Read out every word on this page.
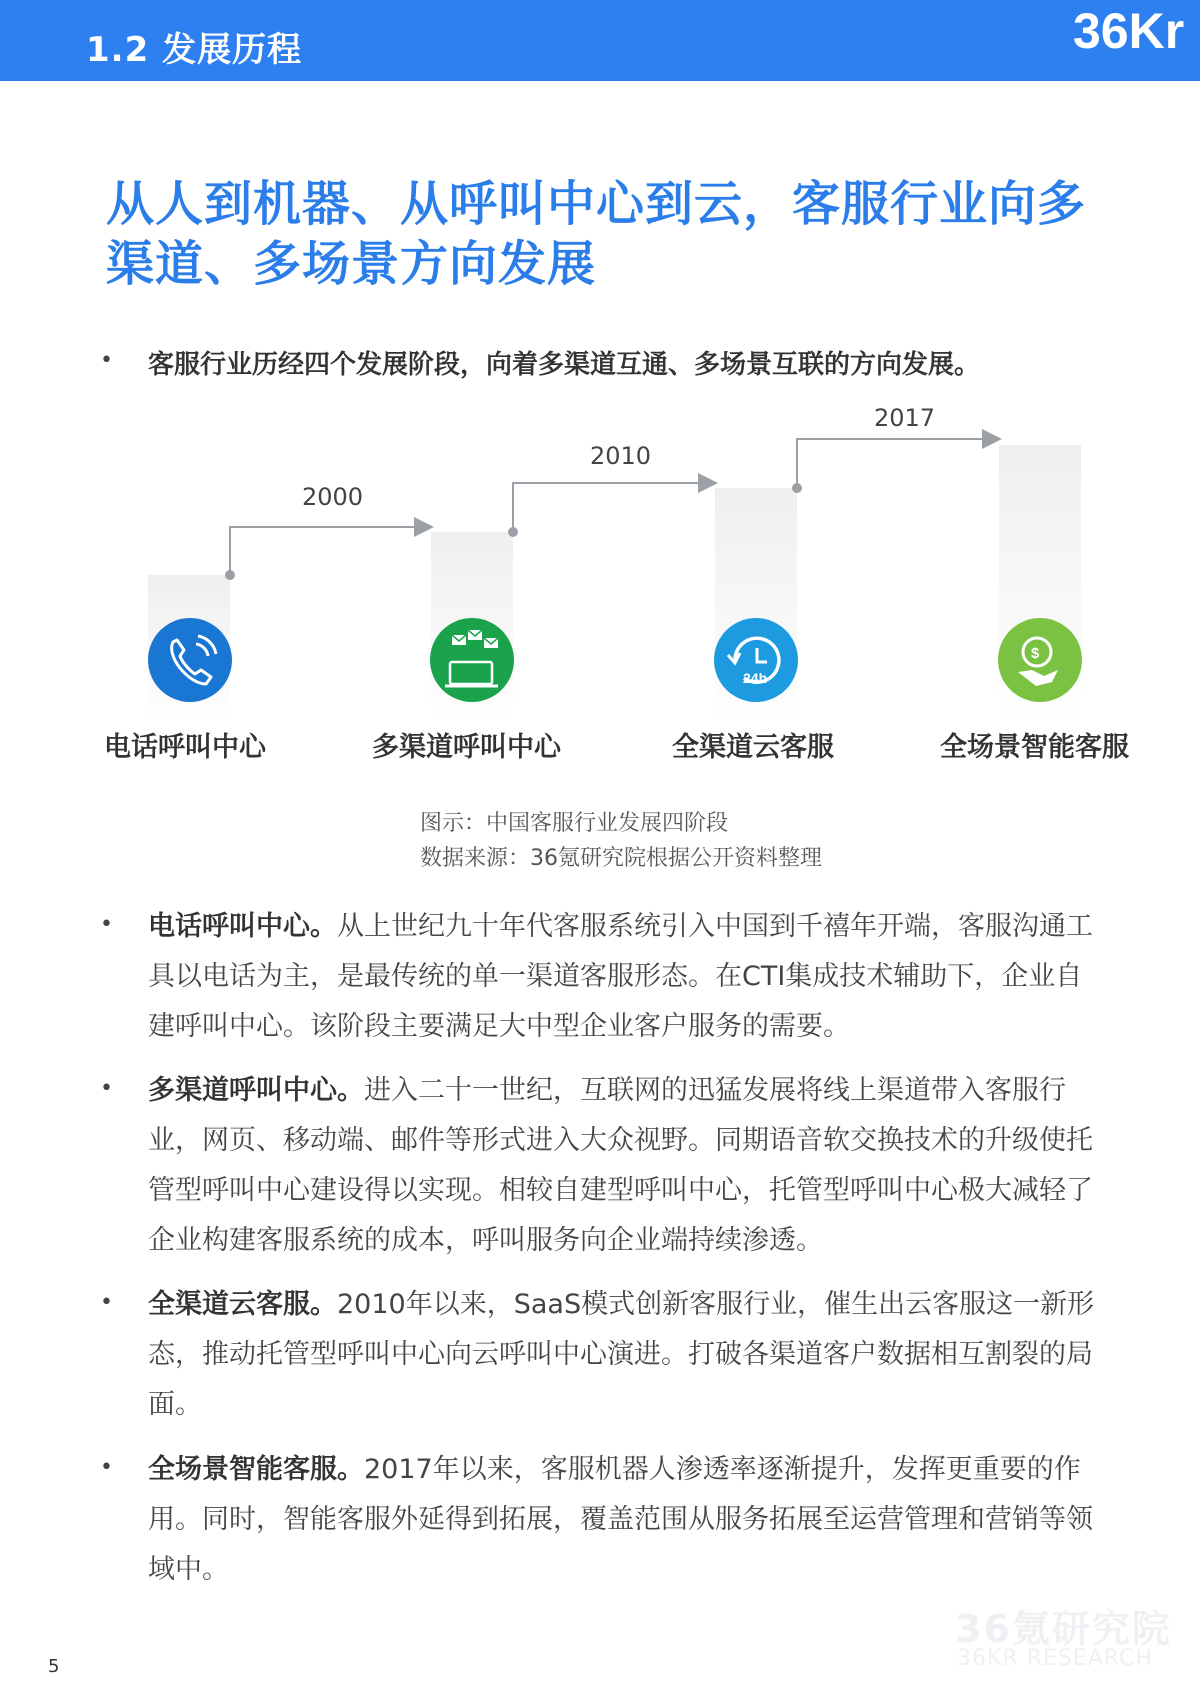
1.2 发展历程	36Kr
从人到机器、从呼叫中心到云，客服行业向多
渠道、多场景方向发展
• 客服行业历经四个发展阶段，向着多渠道互通、多场景互联的方向发展。
24h
$
2000
2010
2017
电话呼叫中心	多渠道呼叫中心	全渠道云客服	全场景智能客服
图示：中国客服行业发展四阶段
数据来源：36氪研究院根据公开资料整理
• 电话呼叫中心。从上世纪九十年代客服系统引入中国到千禧年开端，客服沟通工具以电话为主，是最传统的单一渠道客服形态。在CTI集成技术辅助下，企业自建呼叫中心。该阶段主要满足大中型企业客户服务的需要。
• 多渠道呼叫中心。进入二十一世纪，互联网的迅猛发展将线上渠道带入客服行业，网页、移动端、邮件等形式进入大众视野。同期语音软交换技术的升级使托管型呼叫中心建设得以实现。相较自建型呼叫中心，托管型呼叫中心极大减轻了企业构建客服系统的成本，呼叫服务向企业端持续渗透。
• 全渠道云客服。2010年以来，SaaS模式创新客服行业，催生出云客服这一新形态，推动托管型呼叫中心向云呼叫中心演进。打破各渠道客户数据相互割裂的局面。
• 全场景智能客服。2017年以来，客服机器人渗透率逐渐提升，发挥更重要的作用。同时，智能客服外延得到拓展，覆盖范围从服务拓展至运营管理和营销等领域中。
36氪研究院
36KR RESEARCH
5
